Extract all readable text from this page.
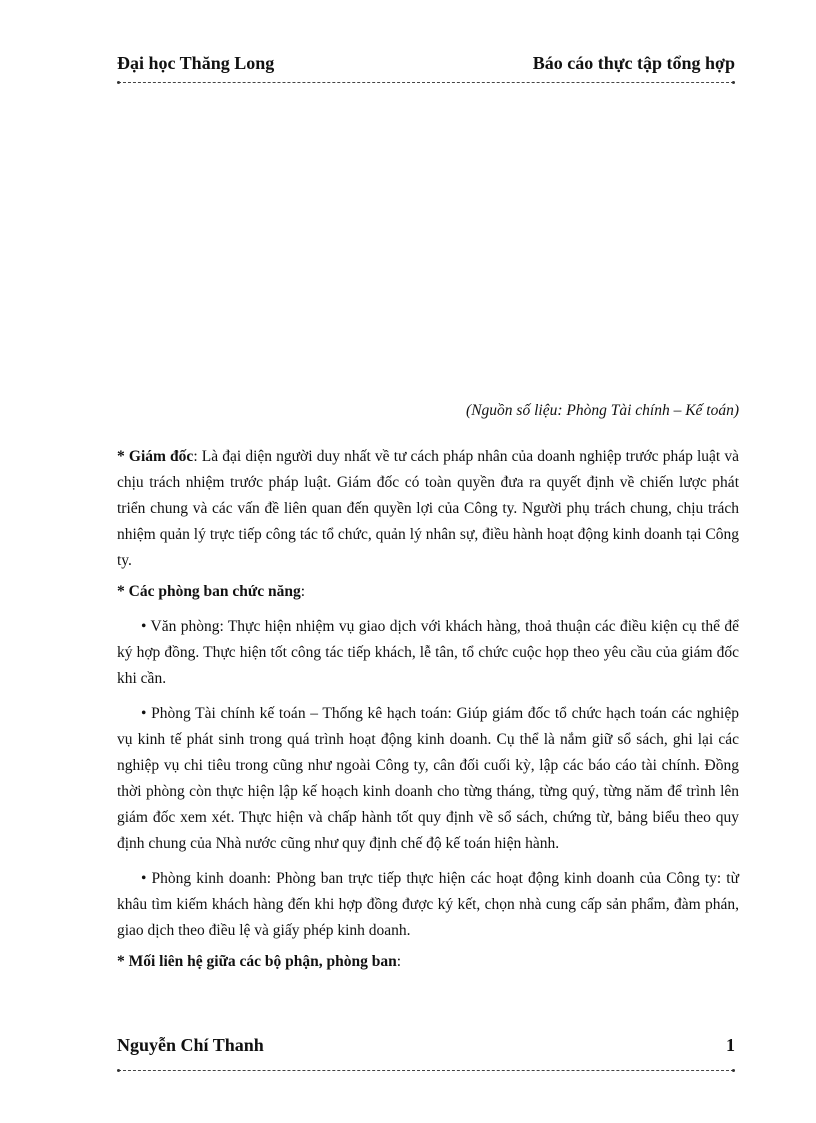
Đại học Thăng Long	Báo cáo thực tập tổng hợp
(Nguồn số liệu: Phòng Tài chính – Kế toán)

* Giám đốc: Là đại diện người duy nhất về tư cách pháp nhân của doanh nghiệp trước pháp luật và chịu trách nhiệm trước pháp luật. Giám đốc có toàn quyền đưa ra quyết định về chiến lược phát triển chung và các vấn đề liên quan đến quyền lợi của Công ty. Người phụ trách chung, chịu trách nhiệm quản lý trực tiếp công tác tổ chức, quản lý nhân sự, điều hành hoạt động kinh doanh tại Công ty.

* Các phòng ban chức năng:

• Văn phòng: Thực hiện nhiệm vụ giao dịch với khách hàng, thoả thuận các điều kiện cụ thể để ký hợp đồng. Thực hiện tốt công tác tiếp khách, lễ tân, tổ chức cuộc họp theo yêu cầu của giám đốc khi cần.

• Phòng Tài chính kế toán – Thống kê hạch toán: Giúp giám đốc tổ chức hạch toán các nghiệp vụ kinh tế phát sinh trong quá trình hoạt động kinh doanh. Cụ thể là nắm giữ sổ sách, ghi lại các nghiệp vụ chi tiêu trong cũng như ngoài Công ty, cân đối cuối kỳ, lập các báo cáo tài chính. Đồng thời phòng còn thực hiện lập kế hoạch kinh doanh cho từng tháng, từng quý, từng năm để trình lên giám đốc xem xét. Thực hiện và chấp hành tốt quy định về sổ sách, chứng từ, bảng biểu theo quy định chung của Nhà nước cũng như quy định chế độ kế toán hiện hành.

• Phòng kinh doanh: Phòng ban trực tiếp thực hiện các hoạt động kinh doanh của Công ty: từ khâu tìm kiếm khách hàng đến khi hợp đồng được ký kết, chọn nhà cung cấp sản phẩm, đàm phán, giao dịch theo điều lệ và giấy phép kinh doanh.

* Mối liên hệ giữa các bộ phận, phòng ban:

Nguyễn Chí Thanh	1
